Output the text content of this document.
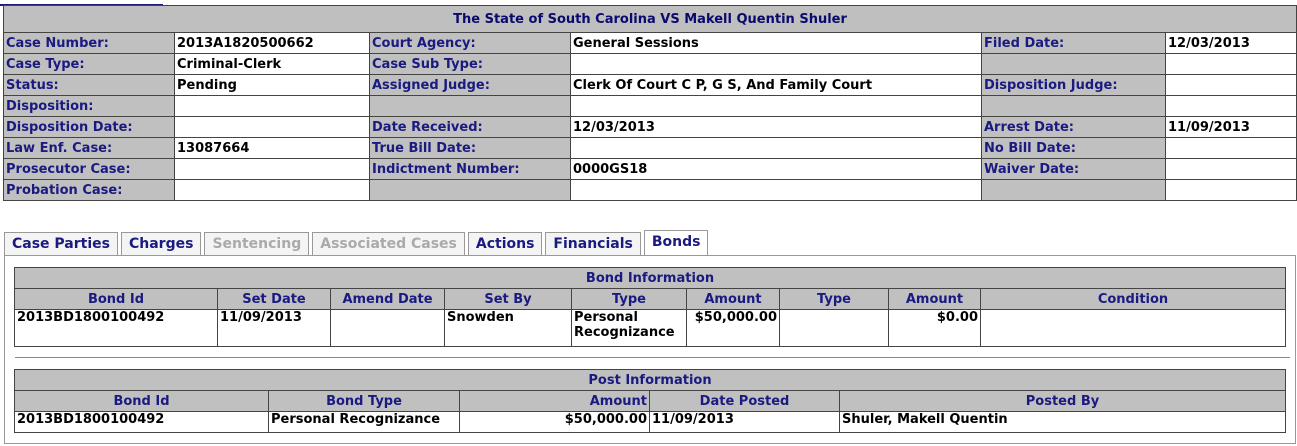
The State of South Carolina VS Makell Quentin Shuler					
Case Number:	2013A1820500662	Court Agency:	General Sessions	Filed Date:	12/03/2013
Case Type:	Criminal-Clerk	Case Sub Type:			
Status:	Pending	Assigned Judge:	Clerk Of Court C P, G S, And Family Court	Disposition Judge:	
Disposition:					
Disposition Date:		Date Received:	12/03/2013	Arrest Date:	11/09/2013
Law Enf. Case:	13087664	True Bill Date:		No Bill Date:	
Prosecutor Case:		Indictment Number:	0000GS18	Waiver Date:	
Probation Case:					
Case Parties	Charges	Sentencing	Associated Cases	Actions	Financials	Bonds
Bond Information								
Bond Id	Set Date	Amend Date	Set By	Type	Amount	Type	Amount	Condition
2013BD1800100492	11/09/2013		Snowden	Personal Recognizance	$50,000.00		$0.00	
Post Information				
Bond Id	Bond Type	Amount	Date Posted	Posted By
2013BD1800100492	Personal Recognizance	$50,000.00	11/09/2013	Shuler, Makell Quentin
